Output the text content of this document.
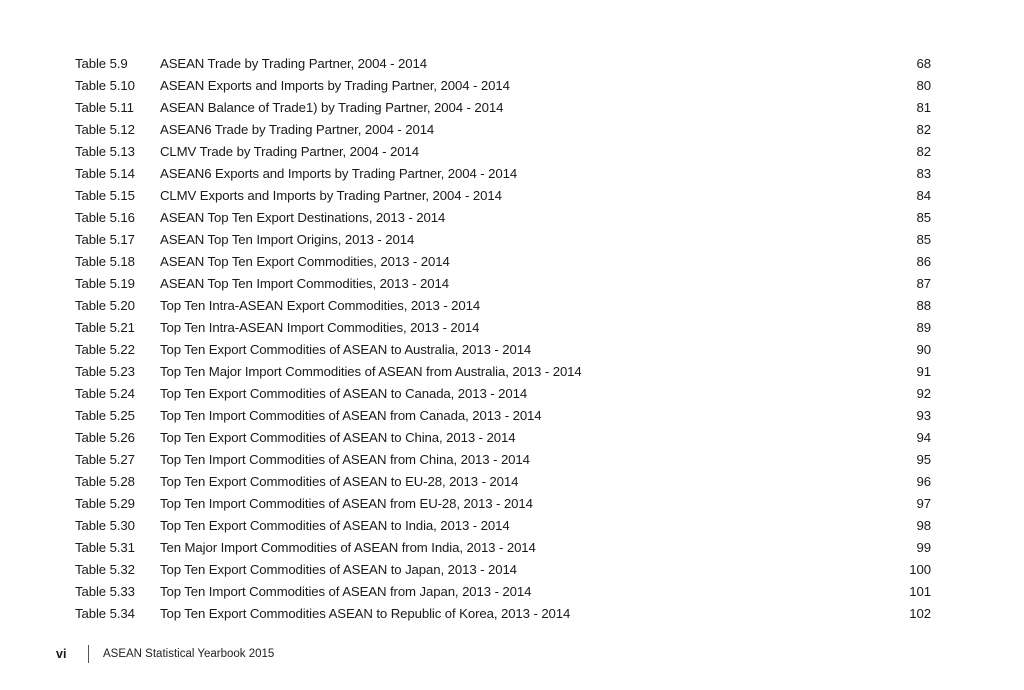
Table 5.9	ASEAN Trade by Trading Partner, 2004 - 2014	68
Table 5.10	ASEAN Exports and Imports by Trading Partner, 2004 - 2014	80
Table 5.11	ASEAN Balance of Trade1) by Trading Partner, 2004 - 2014	81
Table 5.12	ASEAN6 Trade by Trading Partner, 2004 - 2014	82
Table 5.13	CLMV Trade by Trading Partner, 2004 - 2014	82
Table 5.14	ASEAN6 Exports and Imports by Trading Partner, 2004 - 2014	83
Table 5.15	CLMV Exports and Imports by Trading Partner, 2004 - 2014	84
Table 5.16	ASEAN Top Ten Export Destinations, 2013 - 2014	85
Table 5.17	ASEAN Top Ten Import Origins, 2013 - 2014	85
Table 5.18	ASEAN Top Ten Export Commodities, 2013 - 2014	86
Table 5.19	ASEAN Top Ten Import Commodities, 2013 - 2014	87
Table 5.20	Top Ten Intra-ASEAN Export Commodities, 2013 - 2014	88
Table 5.21	Top Ten Intra-ASEAN Import Commodities, 2013 - 2014	89
Table 5.22	Top Ten Export Commodities of ASEAN to Australia, 2013 - 2014	90
Table 5.23	Top Ten Major Import Commodities of ASEAN from Australia, 2013 - 2014	91
Table 5.24	Top Ten Export Commodities of ASEAN to Canada, 2013 - 2014	92
Table 5.25	Top Ten Import Commodities of ASEAN from Canada, 2013 - 2014	93
Table 5.26	Top Ten Export Commodities of ASEAN to China, 2013 - 2014	94
Table 5.27	Top Ten Import Commodities of ASEAN from China, 2013 - 2014	95
Table 5.28	Top Ten Export Commodities of ASEAN to EU-28, 2013 - 2014	96
Table 5.29	Top Ten Import Commodities of ASEAN from EU-28, 2013 - 2014	97
Table 5.30	Top Ten Export Commodities of ASEAN to India, 2013 - 2014	98
Table 5.31	Ten Major Import Commodities of ASEAN from India, 2013 - 2014	99
Table 5.32	Top Ten Export Commodities of ASEAN to Japan, 2013 - 2014	100
Table 5.33	Top Ten Import Commodities of ASEAN from Japan, 2013 - 2014	101
Table 5.34	Top Ten Export Commodities ASEAN to Republic of Korea, 2013 - 2014	102
vi	ASEAN Statistical Yearbook 2015
